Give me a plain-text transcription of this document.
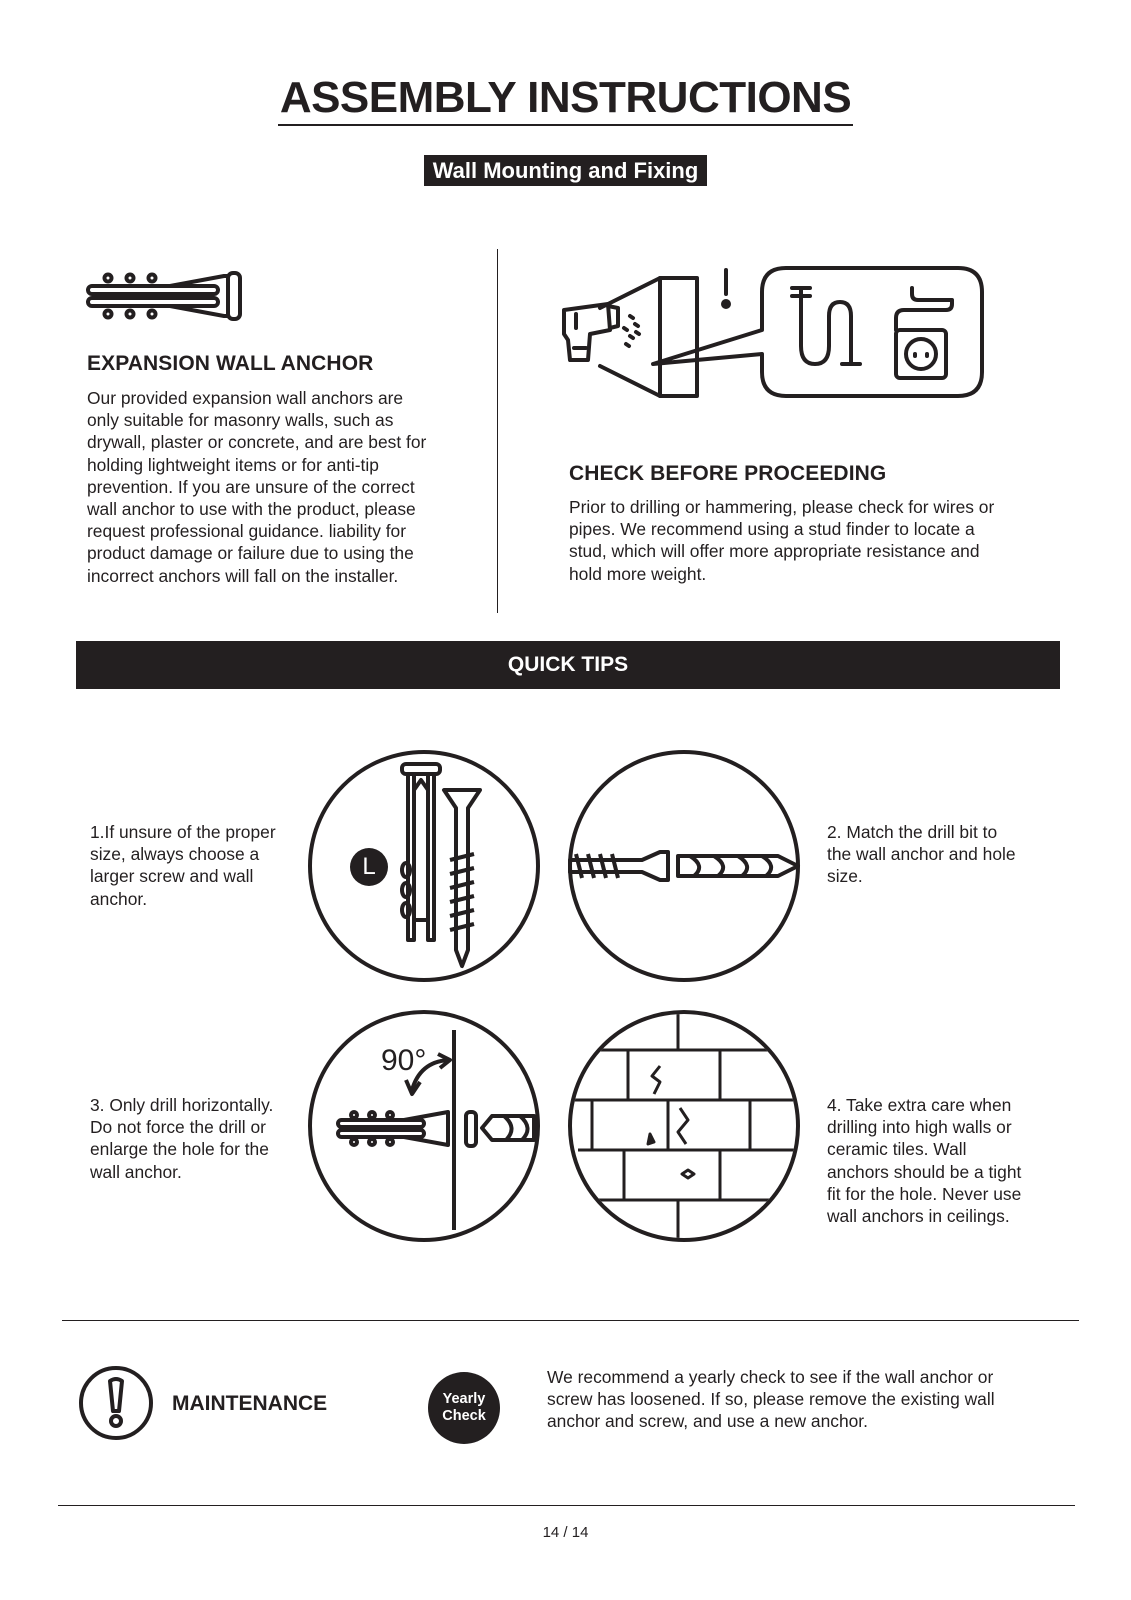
ASSEMBLY INSTRUCTIONS
Wall Mounting and Fixing
EXPANSION WALL ANCHOR
Our provided expansion wall anchors are
only suitable for masonry walls, such as
drywall, plaster or concrete, and are best for
holding lightweight items or for anti-tip
prevention. If you are unsure of the correct
wall anchor to use with the product, please
request professional guidance. liability for
product damage or failure due to using the
incorrect anchors will fall on the installer.
CHECK BEFORE PROCEEDING
Prior to drilling or hammering, please check for wires or
pipes. We recommend using a stud finder to locate a
stud, which will offer more appropriate resistance and
hold more weight.
QUICK TIPS
1.If unsure of the proper
size, always choose a
larger screw and wall
anchor.
L
2. Match the drill bit to
the wall anchor and hole
size.
3. Only drill horizontally.
Do not force the drill or
enlarge the hole for the
wall anchor.
90°
4. Take extra care when
drilling into high walls or
ceramic tiles. Wall
anchors should be a tight
fit for the hole. Never use
wall anchors in ceilings.
MAINTENANCE	Yearly
Check
We recommend a yearly check to see if the wall anchor or
screw has loosened. If so, please remove the existing wall
anchor and screw, and use a new anchor.
14 / 14
